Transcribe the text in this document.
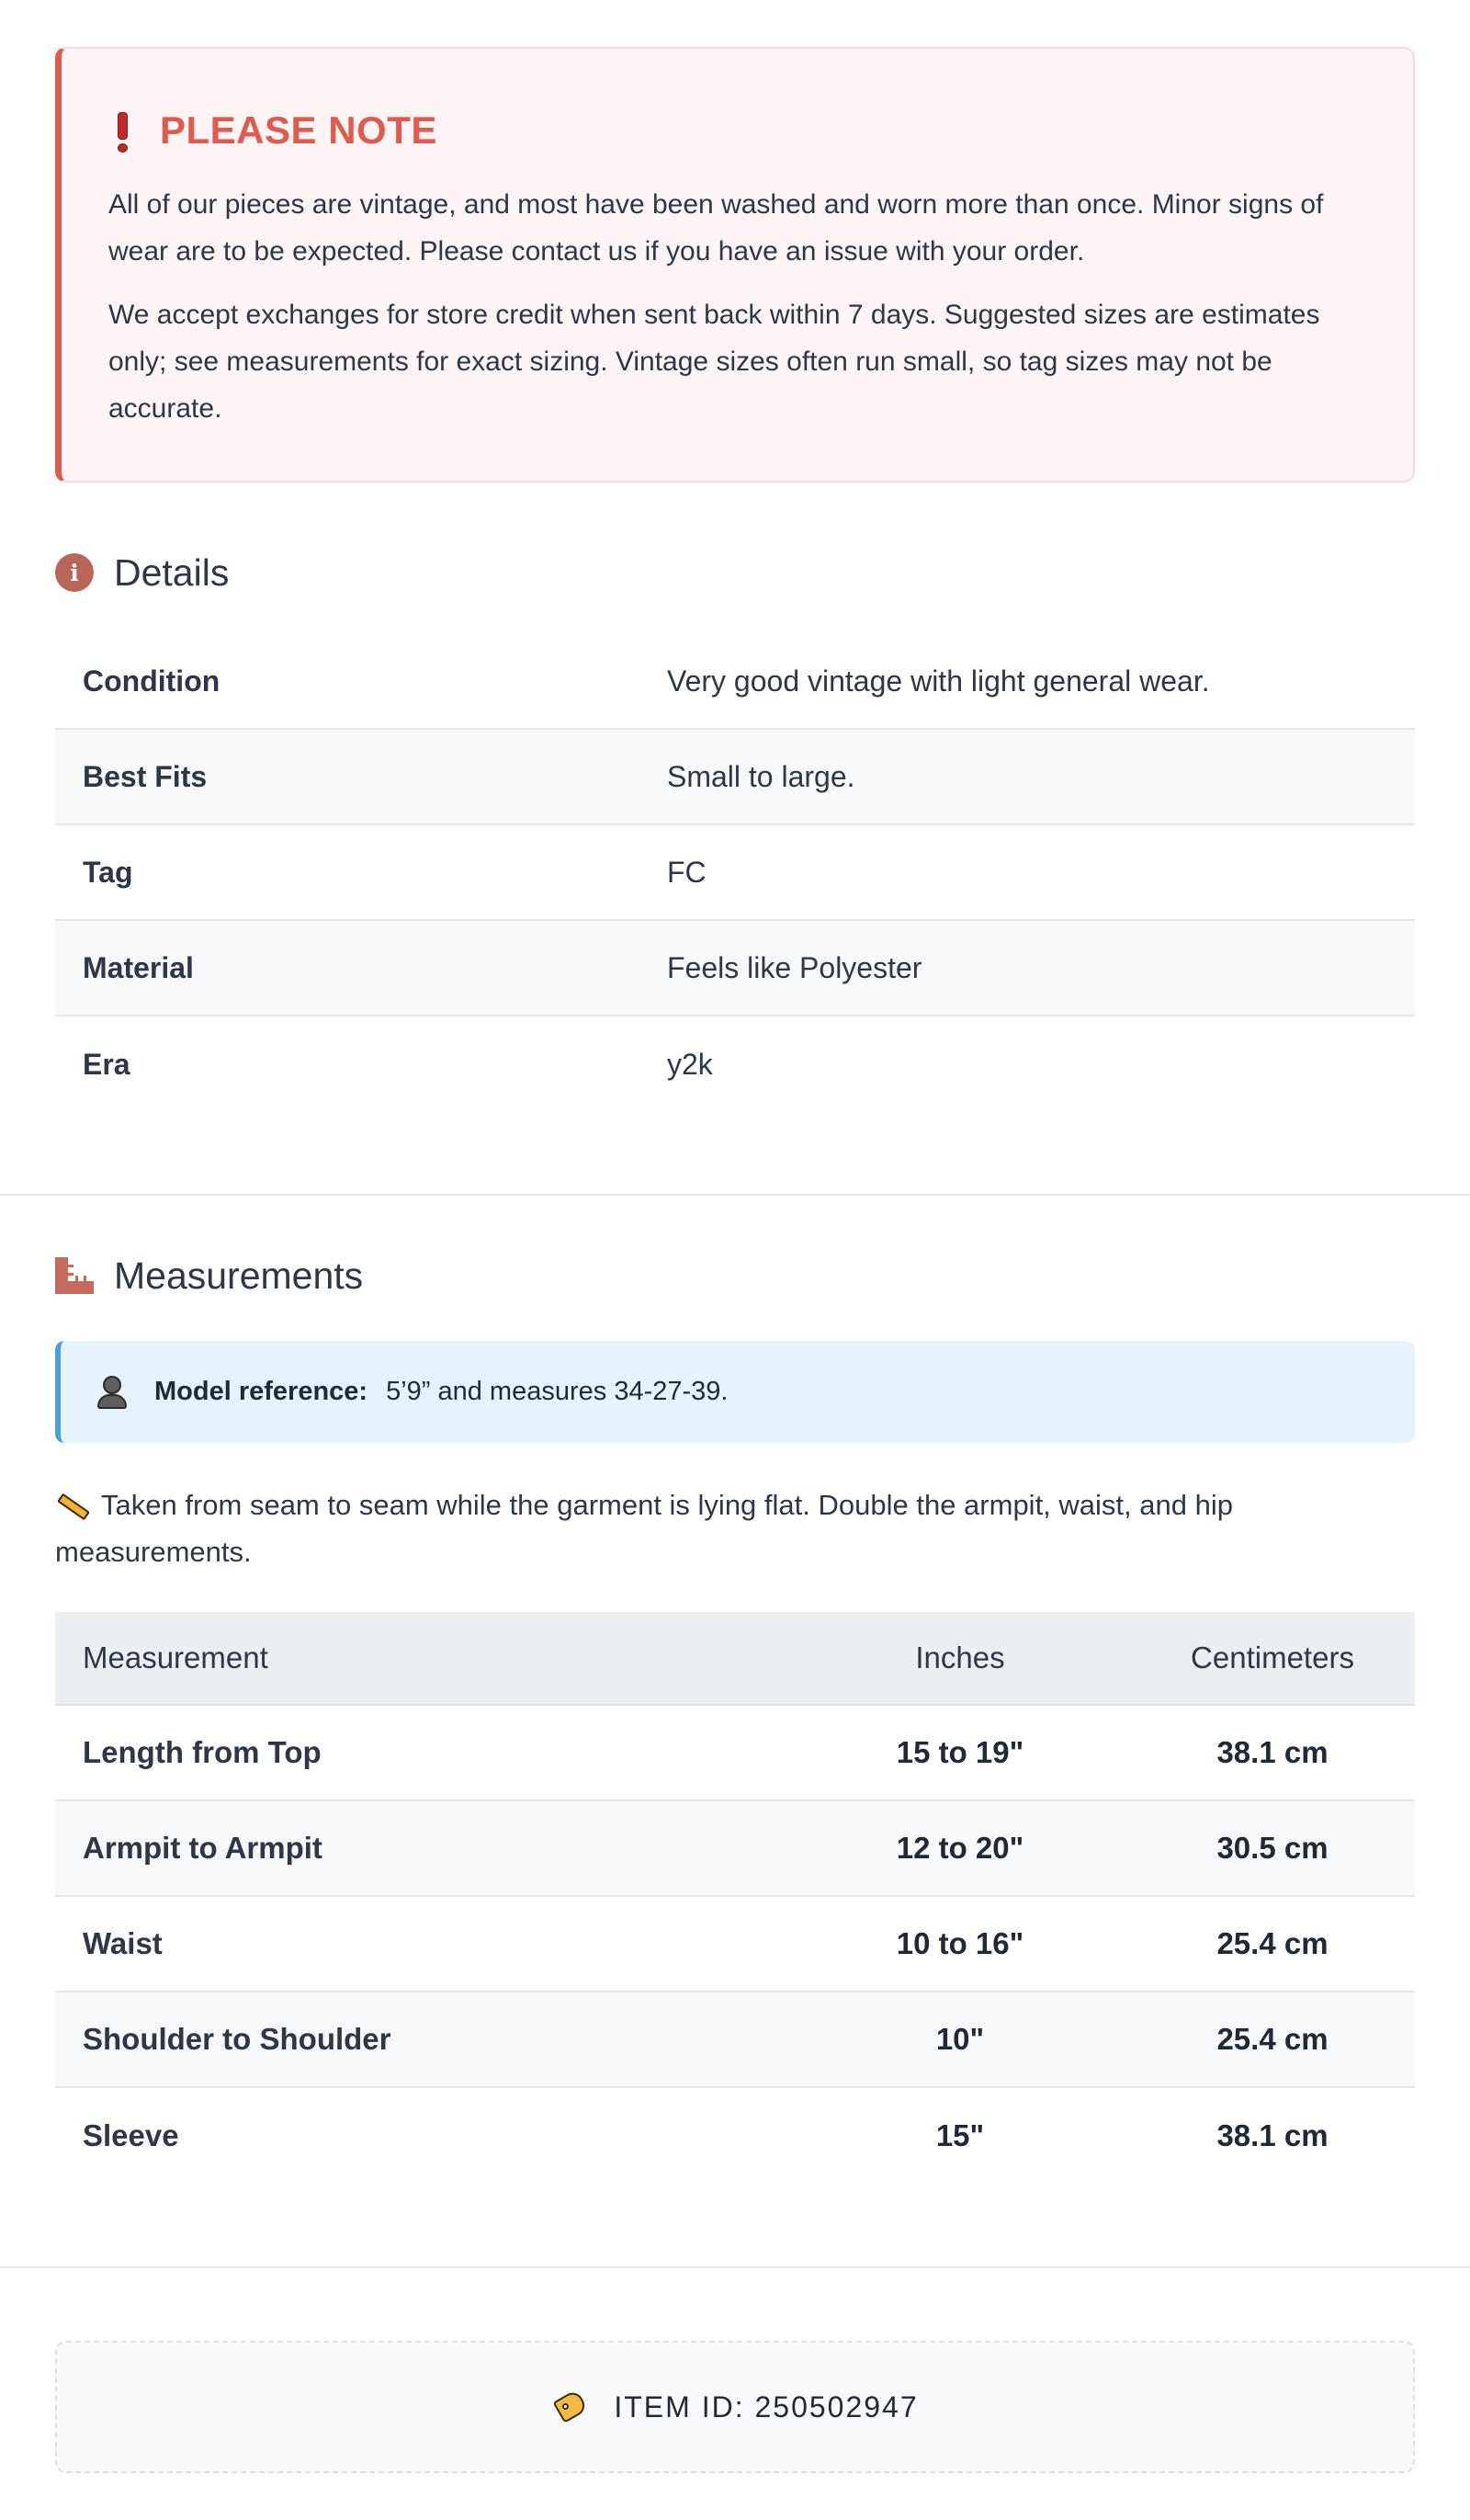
PLEASE NOTE

All of our pieces are vintage, and most have been washed and worn more than once. Minor signs of wear are to be expected. Please contact us if you have an issue with your order.

We accept exchanges for store credit when sent back within 7 days. Suggested sizes are estimates only; see measurements for exact sizing. Vintage sizes often run small, so tag sizes may not be accurate.

i Details
Condition	Very good vintage with light general wear.
Best Fits	Small to large.
Tag	FC
Material	Feels like Polyester
Era	y2k
Measurements
Model reference: 5’9” and measures 34-27-39.
Taken from seam to seam while the garment is lying flat. Double the armpit, waist, and hip measurements.
Measurement	Inches	Centimeters
Length from Top	15 to 19"	38.1 cm
Armpit to Armpit	12 to 20"	30.5 cm
Waist	10 to 16"	25.4 cm
Shoulder to Shoulder	10"	25.4 cm
Sleeve	15"	38.1 cm
ITEM ID: 250502947
